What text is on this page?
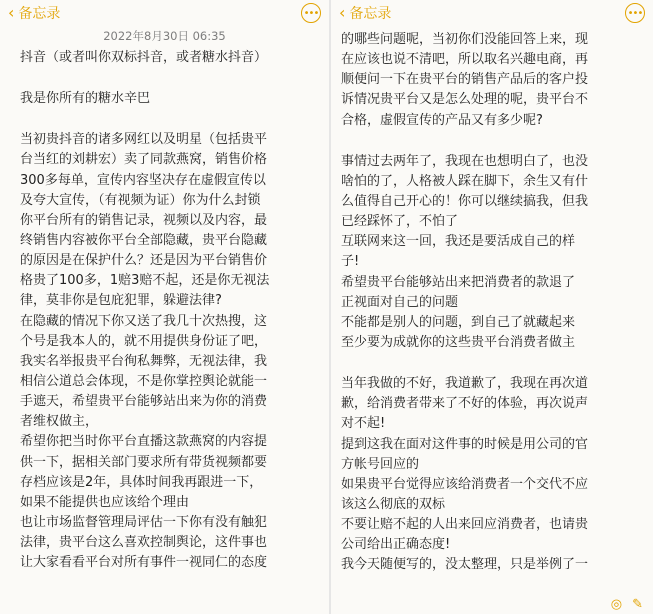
‹ 备忘录	•••
2022年8月30日 06:35
抖音（或者叫你双标抖音，或者糖水抖音）
我是你所有的糖水辛巴
当初贵抖音的诸多网红以及明星（包括贵平
台当红的刘耕宏）卖了同款燕窝，销售价格
300多每单，宣传内容坚决存在虚假宣传以
及夸大宣传，（有视频为证）你为什么封锁
你平台所有的销售记录，视频以及内容，最
终销售内容被你平台全部隐藏，贵平台隐藏
的原因是在保护什么？还是因为平台销售价
格贵了100多，1赔3赔不起，还是你无视法
律，莫非你是包庇犯罪，躲避法律?
在隐藏的情况下你又送了我几十次热搜，这
个号是我本人的，就不用提供身份证了吧，
我实名举报贵平台徇私舞弊，无视法律，我
相信公道总会体现，不是你掌控舆论就能一
手遮天，希望贵平台能够站出来为你的消费
者维权做主，
希望你把当时你平台直播这款燕窝的内容提
供一下，据相关部门要求所有带货视频都要
存档应该是2年，具体时间我再跟进一下，
如果不能提供也应该给个理由
也让市场监督管理局评估一下你有没有触犯
法律，贵平台这么喜欢控制舆论，这件事也
让大家看看平台对所有事件一视同仁的态度
‹ 备忘录	•••
的哪些问题呢，当初你们没能回答上来，现
在应该也说不清吧，所以取名兴趣电商，再
顺便问一下在贵平台的销售产品后的客户投
诉情况贵平台又是怎么处理的呢，贵平台不
合格，虚假宣传的产品又有多少呢?
事情过去两年了，我现在也想明白了，也没
啥怕的了，人格被人踩在脚下，余生又有什
么值得自己开心的！你可以继续搞我，但我
已经踩怀了，不怕了
互联网来这一回，我还是要活成自己的样
子!
希望贵平台能够站出来把消费者的款退了
正视面对自己的问题
不能都是别人的问题，到自己了就藏起来
至少要为成就你的这些贵平台消费者做主
当年我做的不好，我道歉了，我现在再次道
歉，给消费者带来了不好的体验，再次说声
对不起!
提到这我在面对这件事的时候是用公司的官
方帐号回应的
如果贵平台觉得应该给消费者一个交代不应
该这么彻底的双标
不要让赔不起的人出来回应消费者，也请贵
公司给出正确态度!
我今天随便写的，没太整理，只是举例了一
◎ ✎
